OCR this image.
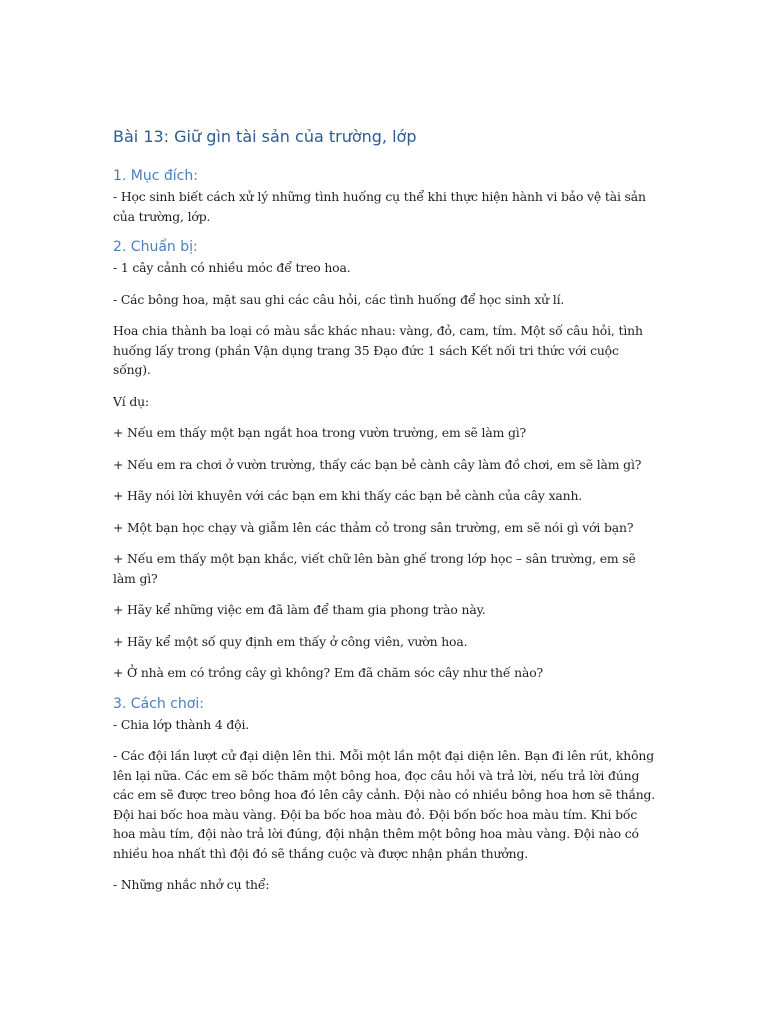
Bài 13: Giữ gìn tài sản của trường, lớp
1. Mục đích:

- Học sinh biết cách xử lý những tình huống cụ thể khi thực hiện hành vi bảo vệ tài sản của trường, lớp.

2. Chuẩn bị:

- 1 cây cảnh có nhiều móc để treo hoa.

- Các bông hoa, mặt sau ghi các câu hỏi, các tình huống để học sinh xử lí.

Hoa chia thành ba loại có màu sắc khác nhau: vàng, đỏ, cam, tím. Một số câu hỏi, tình huống lấy trong (phần Vận dụng trang 35 Đạo đức 1 sách Kết nối tri thức với cuộc sống).

Ví dụ:

+ Nếu em thấy một bạn ngắt hoa trong vườn trường, em sẽ làm gì?

+ Nếu em ra chơi ở vườn trường, thấy các bạn bẻ cành cây làm đồ chơi, em sẽ làm gì?

+ Hãy nói lời khuyên với các bạn em khi thấy các bạn bẻ cành của cây xanh.

+ Một bạn học chạy và giẫm lên các thảm cỏ trong sân trường, em sẽ nói gì với bạn?

+ Nếu em thấy một bạn khắc, viết chữ lên bàn ghế trong lớp học – sân trường, em sẽ làm gì?

+ Hãy kể những việc em đã làm để tham gia phong trào này.

+ Hãy kể một số quy định em thấy ở công viên, vườn hoa.

+ Ở nhà em có trồng cây gì không? Em đã chăm sóc cây như thế nào?

3. Cách chơi:

- Chia lớp thành 4 đội.

- Các đội lần lượt cử đại diện lên thi. Mỗi một lần một đại diện lên. Bạn đi lên rút, không lên lại nữa. Các em sẽ bốc thăm một bông hoa, đọc câu hỏi và trả lời, nếu trả lời đúng các em sẽ được treo bông hoa đó lên cây cảnh. Đội nào có nhiều bông hoa hơn sẽ thắng. Đội hai bốc hoa màu vàng. Đội ba bốc hoa màu đỏ. Đội bốn bốc hoa màu tím. Khi bốc hoa màu tím, đội nào trả lời đúng, đội nhận thêm một bông hoa màu vàng. Đội nào có nhiều hoa nhất thì đội đó sẽ thắng cuộc và được nhận phần thưởng.

- Những nhắc nhở cụ thể:
